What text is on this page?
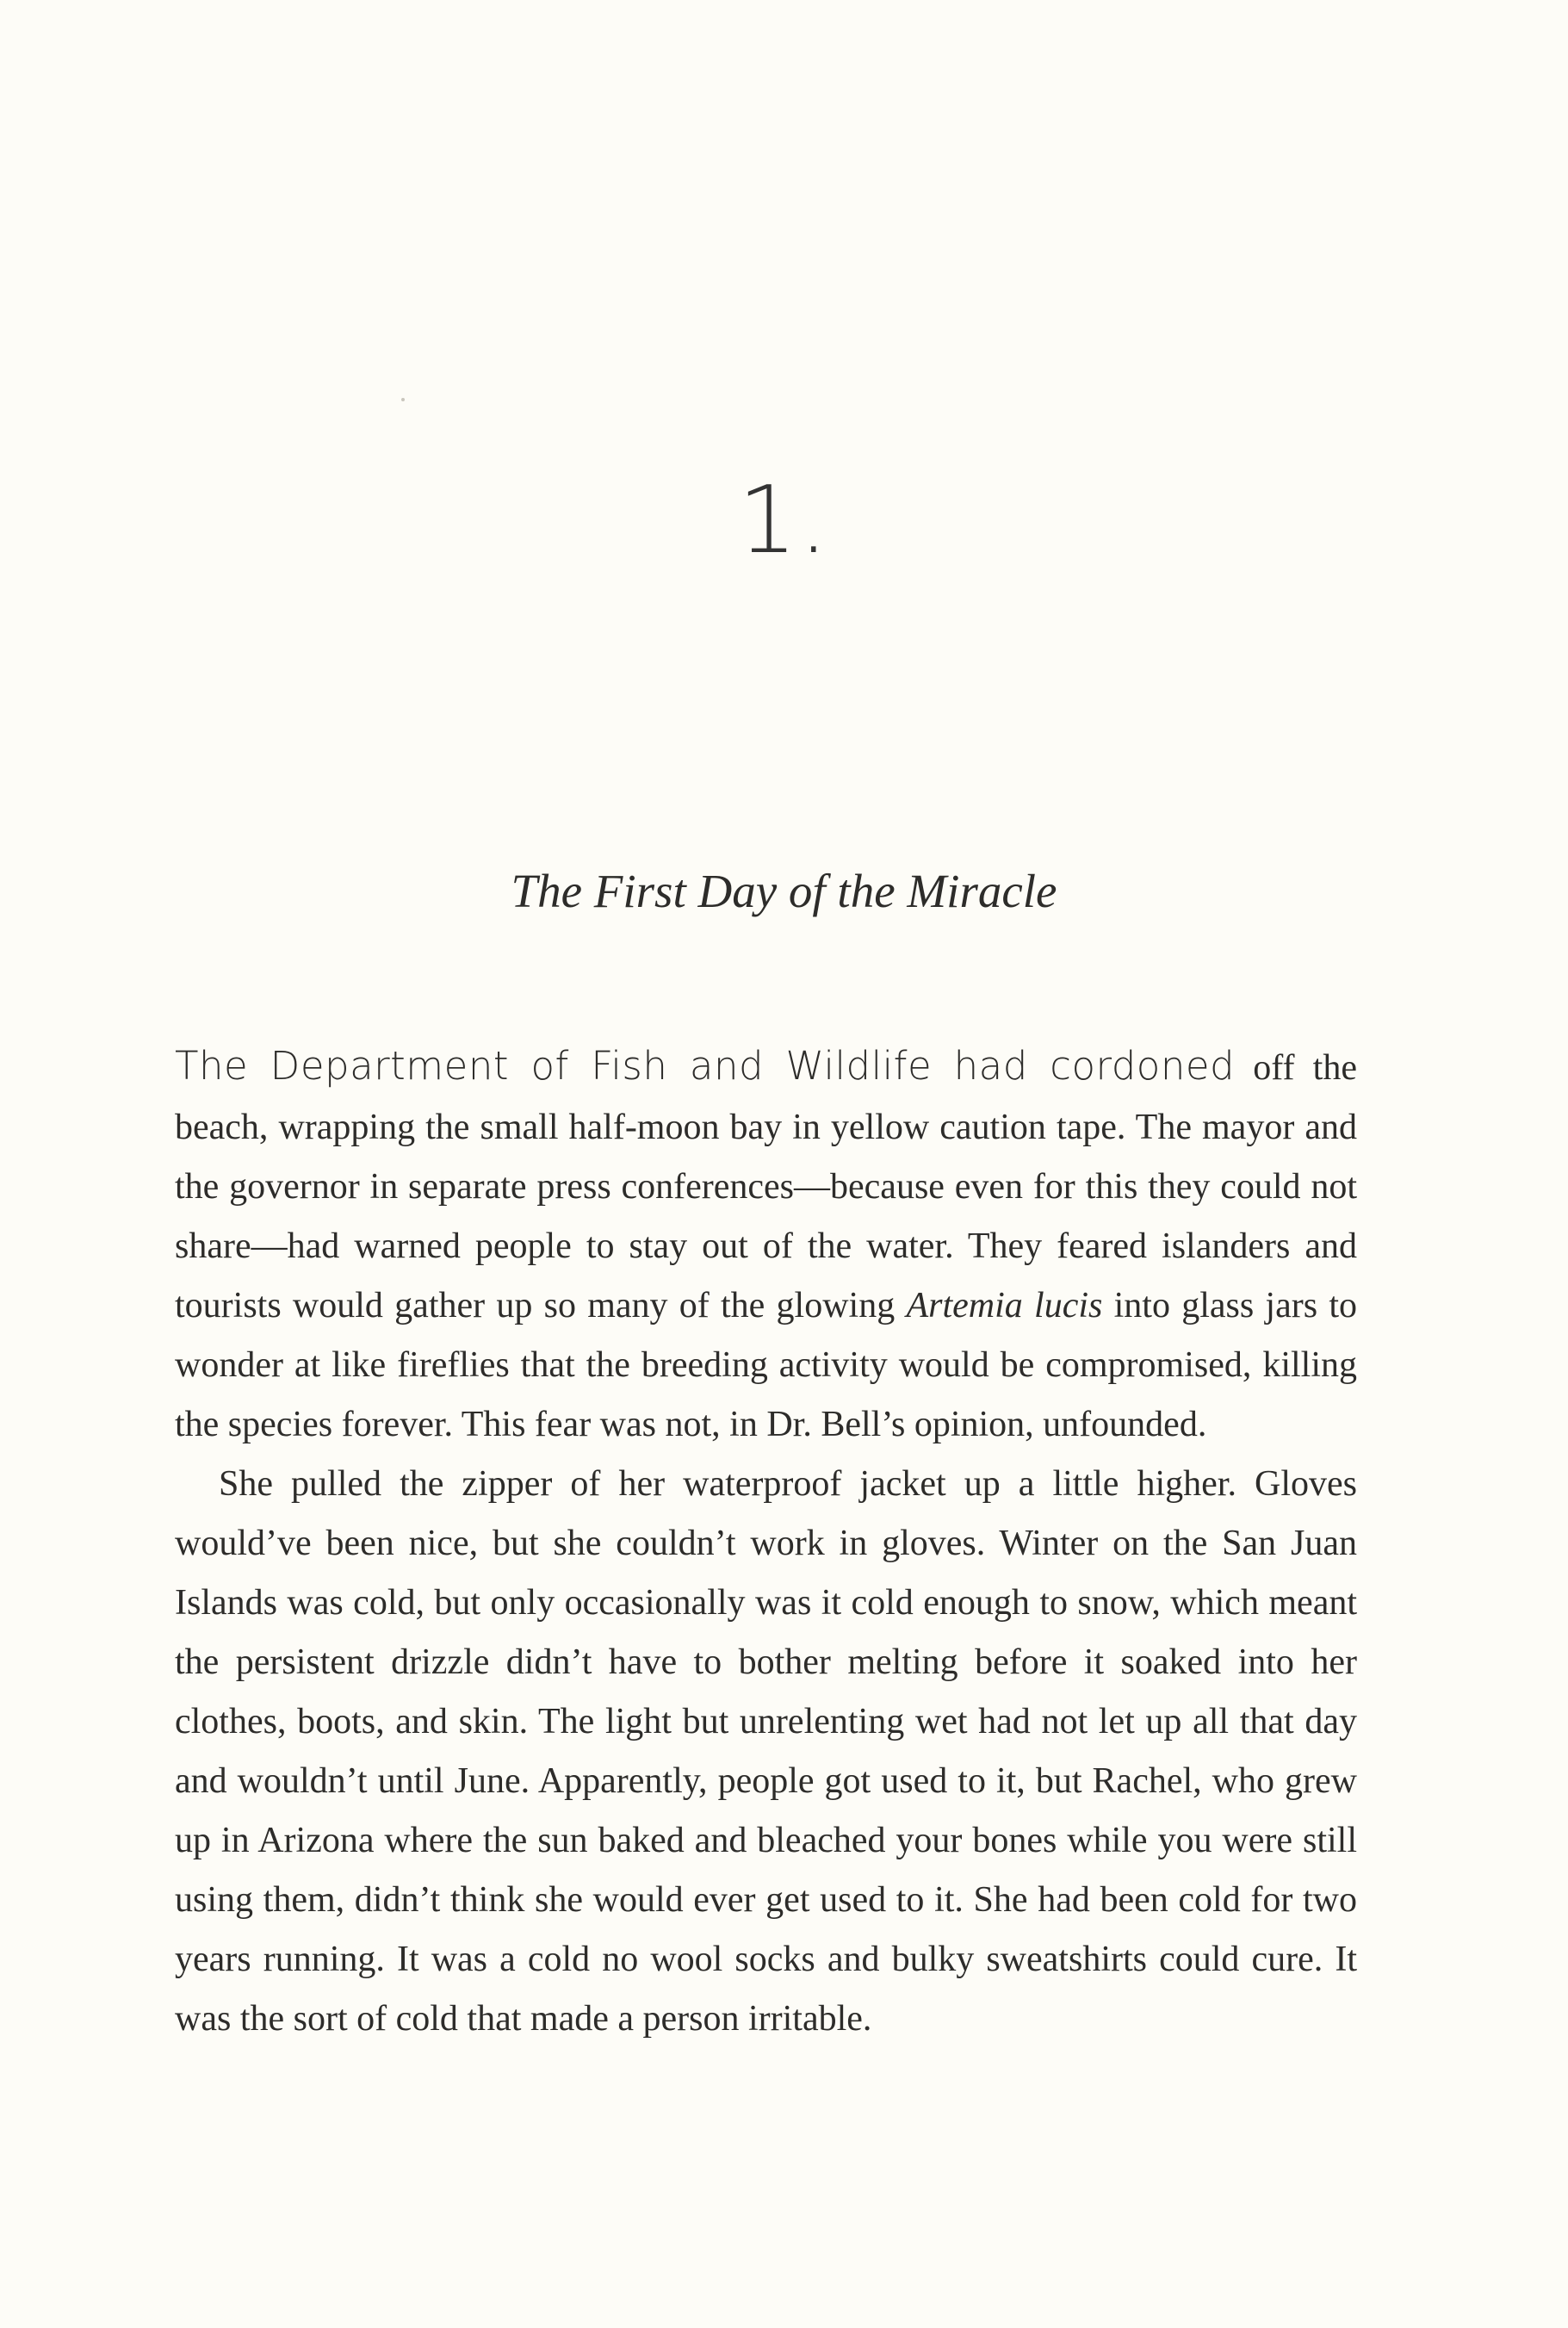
1.
The First Day of the Miracle

The Department of Fish and Wildlife had cordoned off the beach, wrapping the small half-moon bay in yellow caution tape. The mayor and the governor in separate press conferences—because even for this they could not share—had warned people to stay out of the water. They feared islanders and tourists would gather up so many of the glowing Artemia lucis into glass jars to wonder at like fireflies that the breeding activity would be compromised, killing the species forever. This fear was not, in Dr. Bell’s opinion, unfounded.

She pulled the zipper of her waterproof jacket up a little higher. Gloves would’ve been nice, but she couldn’t work in gloves. Winter on the San Juan Islands was cold, but only occasionally was it cold enough to snow, which meant the persistent drizzle didn’t have to bother melting before it soaked into her clothes, boots, and skin. The light but unrelenting wet had not let up all that day and wouldn’t until June. Apparently, people got used to it, but Rachel, who grew up in Arizona where the sun baked and bleached your bones while you were still using them, didn’t think she would ever get used to it. She had been cold for two years running. It was a cold no wool socks and bulky sweatshirts could cure. It was the sort of cold that made a person irritable.
